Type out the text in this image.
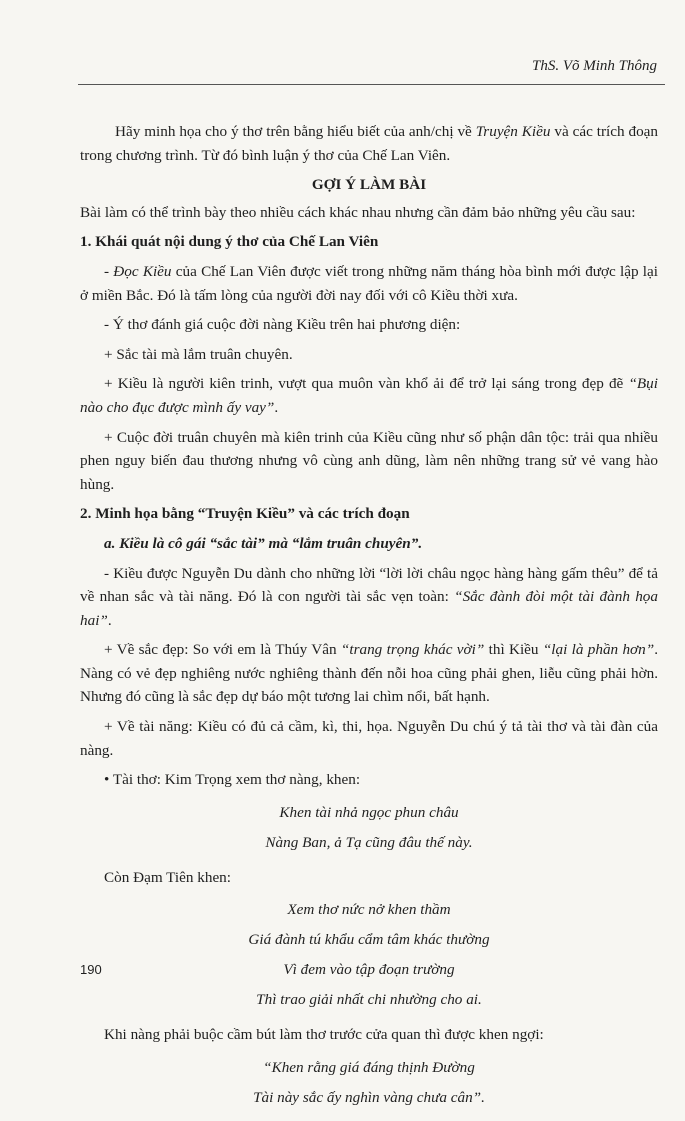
ThS. Võ Minh Thông

Hãy minh họa cho ý thơ trên bằng hiểu biết của anh/chị về Truyện Kiều và các trích đoạn trong chương trình. Từ đó bình luận ý thơ của Chế Lan Viên.

GỢI Ý LÀM BÀI

Bài làm có thể trình bày theo nhiều cách khác nhau nhưng cần đảm bảo những yêu cầu sau:

1. Khái quát nội dung ý thơ của Chế Lan Viên

- Đọc Kiều của Chế Lan Viên được viết trong những năm tháng hòa bình mới được lập lại ở miền Bắc. Đó là tấm lòng của người đời nay đối với cô Kiều thời xưa.

- Ý thơ đánh giá cuộc đời nàng Kiều trên hai phương diện:

+ Sắc tài mà lắm truân chuyên.

+ Kiều là người kiên trinh, vượt qua muôn vàn khổ ải để trở lại sáng trong đẹp đẽ “Bụi nào cho đục được mình ấy vay”.

+ Cuộc đời truân chuyên mà kiên trinh của Kiều cũng như số phận dân tộc: trải qua nhiều phen nguy biến đau thương nhưng vô cùng anh dũng, làm nên những trang sử vẻ vang hào hùng.

2. Minh họa bằng “Truyện Kiều” và các trích đoạn
a. Kiều là cô gái “sắc tài” mà “lắm truân chuyên”.

- Kiều được Nguyễn Du dành cho những lời “lời lời châu ngọc hàng hàng gấm thêu” để tả về nhan sắc và tài năng. Đó là con người tài sắc vẹn toàn: “Sắc đành đòi một tài đành họa hai”.

+ Về sắc đẹp: So với em là Thúy Vân “trang trọng khác vời” thì Kiều “lại là phần hơn”. Nàng có vẻ đẹp nghiêng nước nghiêng thành đến nỗi hoa cũng phải ghen, liễu cũng phải hờn. Nhưng đó cũng là sắc đẹp dự báo một tương lai chìm nổi, bất hạnh.

+ Về tài năng: Kiều có đủ cả cầm, kì, thi, họa. Nguyễn Du chú ý tả tài thơ và tài đàn của nàng.

• Tài thơ: Kim Trọng xem thơ nàng, khen:

Khen tài nhả ngọc phun châu
Nàng Ban, ả Tạ cũng đâu thế này.

Còn Đạm Tiên khen:

Xem thơ nức nở khen thầm
Giá đành tú khẩu cẩm tâm khác thường
Vì đem vào tập đoạn trường
Thì trao giải nhất chi nhường cho ai.

Khi nàng phải buộc cầm bút làm thơ trước cửa quan thì được khen ngợi:

“Khen rằng giá đáng thịnh Đường
Tài này sắc ấy nghìn vàng chưa cân”.
190
